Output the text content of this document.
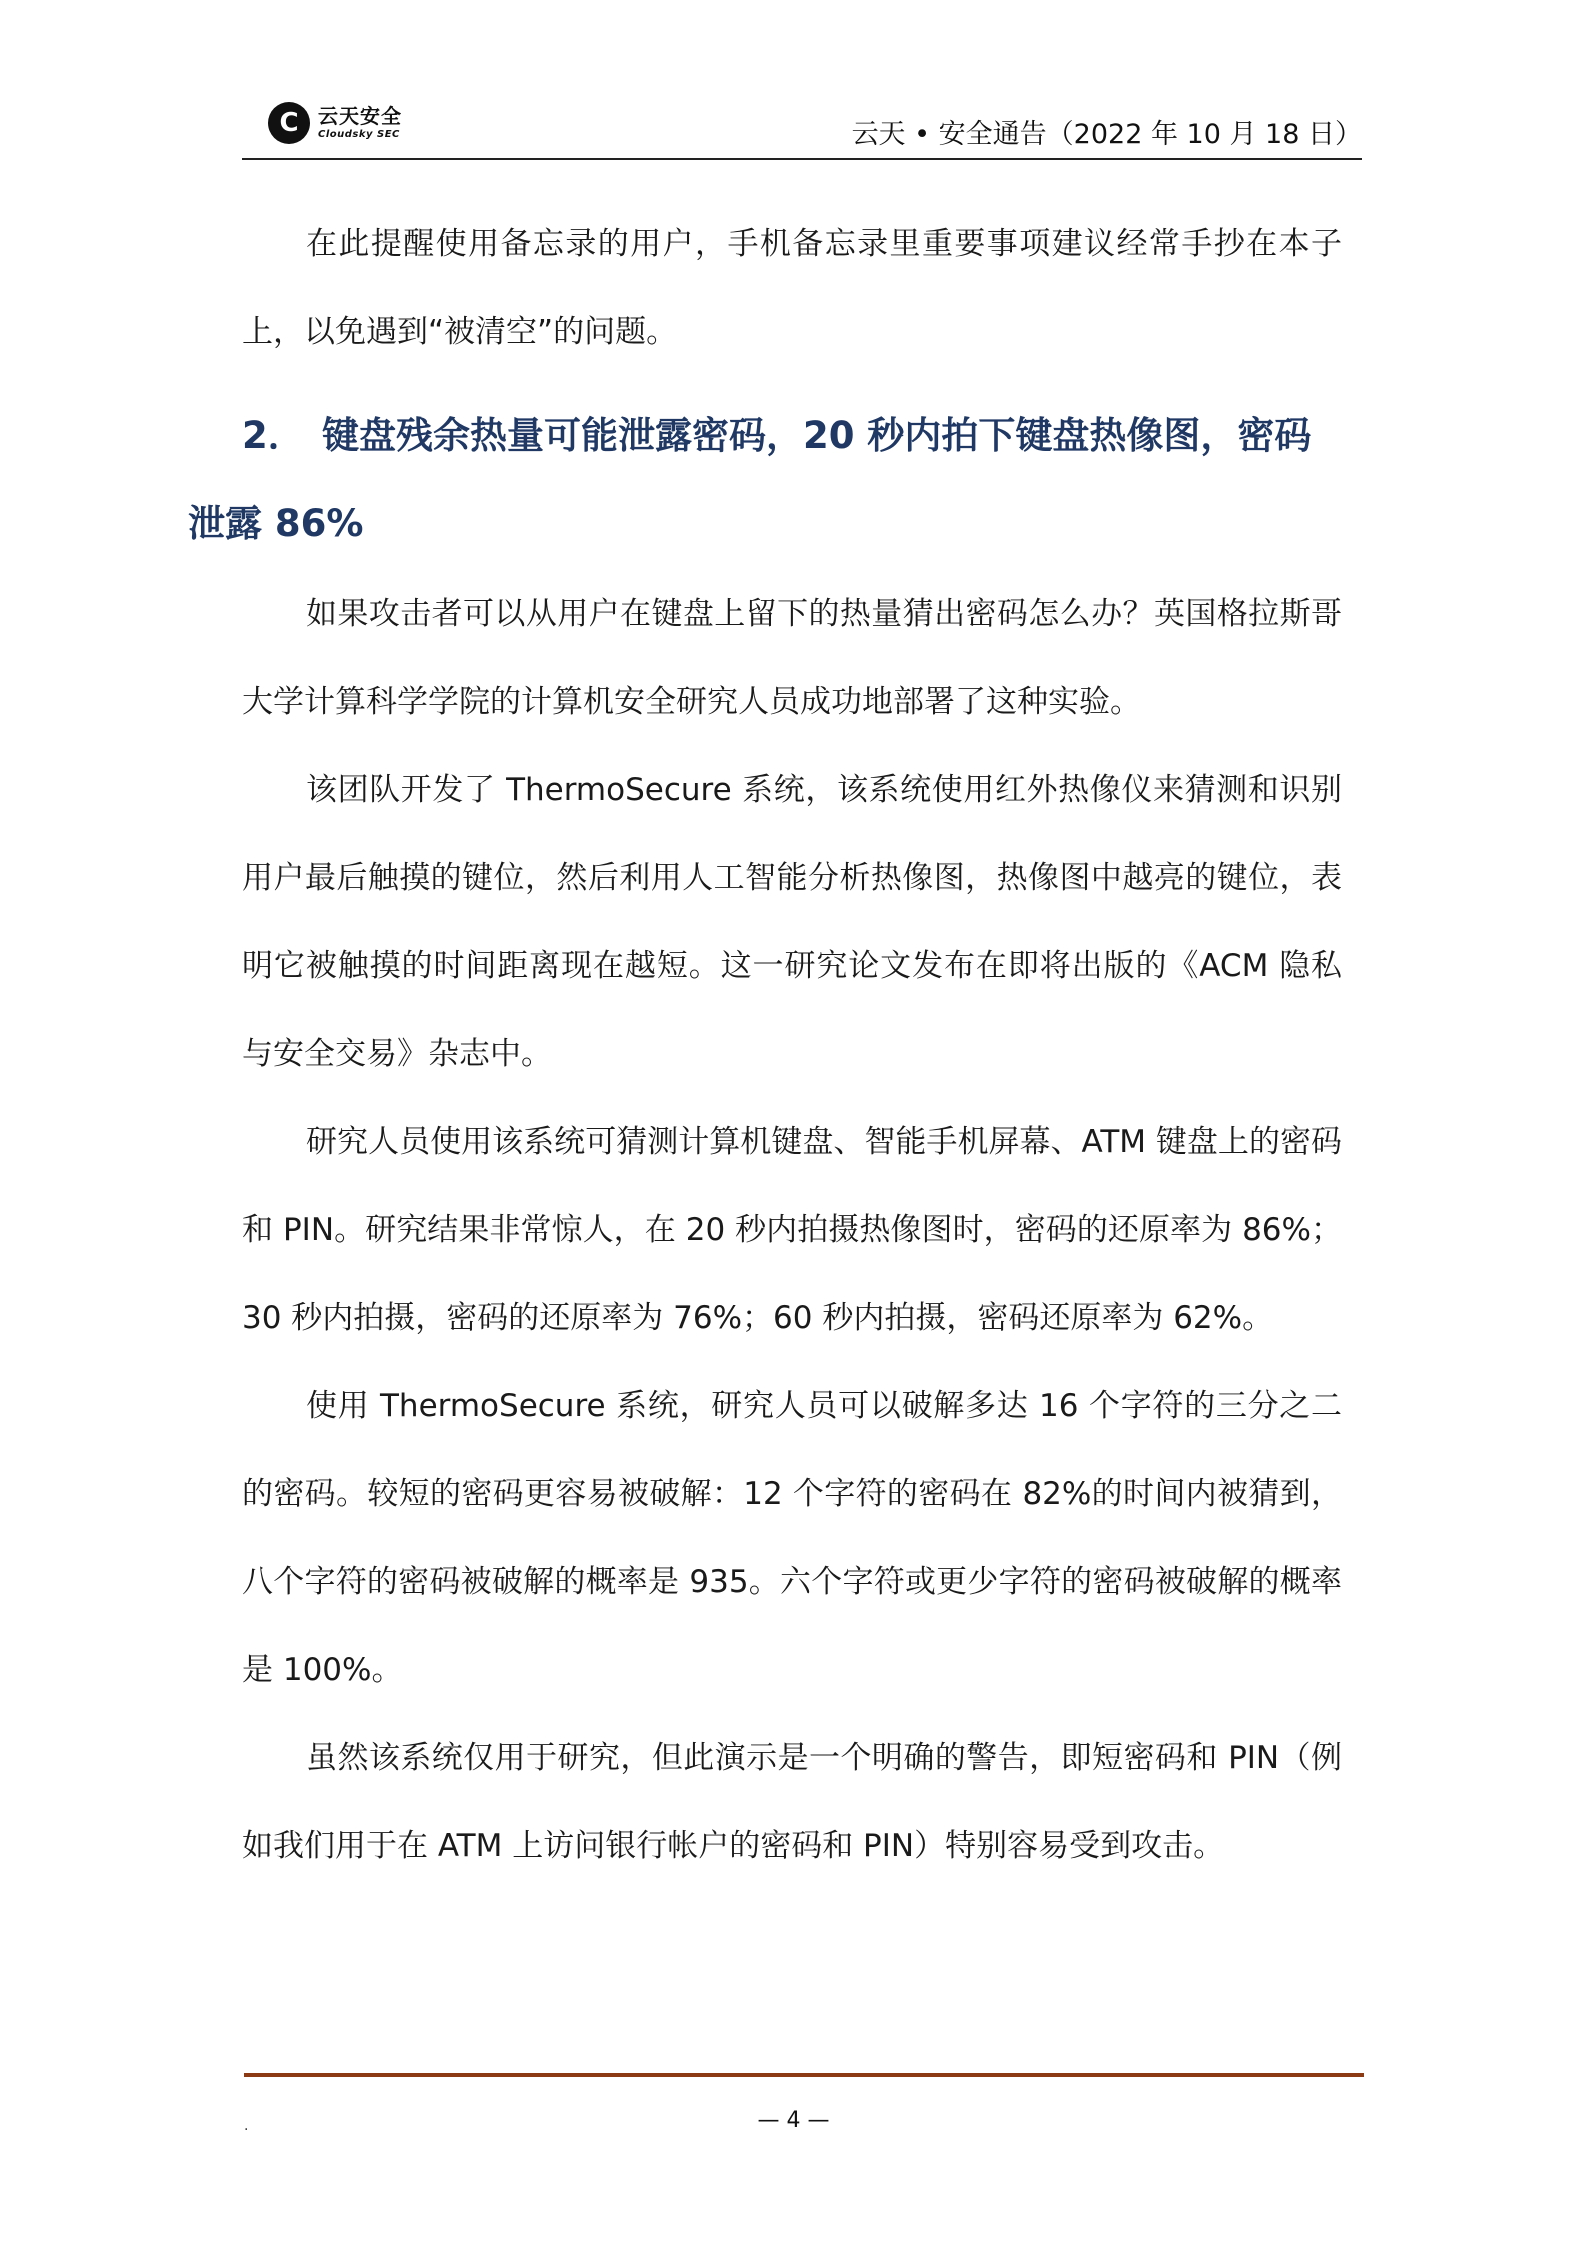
C 云天安全
Cloudsky SEC	云天 • 安全通告（2022 年 10 月 18 日）

在此提醒使用备忘录的用户，手机备忘录里重要事项建议经常手抄在本子上，以免遇到“被清空”的问题。

2． 键盘残余热量可能泄露密码，20 秒内拍下键盘热像图，密码泄露 86%

如果攻击者可以从用户在键盘上留下的热量猜出密码怎么办？英国格拉斯哥大学计算科学学院的计算机安全研究人员成功地部署了这种实验。

该团队开发了 ThermoSecure 系统，该系统使用红外热像仪来猜测和识别用户最后触摸的键位，然后利用人工智能分析热像图，热像图中越亮的键位，表明它被触摸的时间距离现在越短。这一研究论文发布在即将出版的《ACM 隐私与安全交易》杂志中。

研究人员使用该系统可猜测计算机键盘、智能手机屏幕、ATM 键盘上的密码和 PIN。研究结果非常惊人，在 20 秒内拍摄热像图时，密码的还原率为 86%；30 秒内拍摄，密码的还原率为 76%；60 秒内拍摄，密码还原率为 62%。

使用 ThermoSecure 系统，研究人员可以破解多达 16 个字符的三分之二的密码。较短的密码更容易被破解：12 个字符的密码在 82%的时间内被猜到，八个字符的密码被破解的概率是 935。六个字符或更少字符的密码被破解的概率是 100%。

虽然该系统仅用于研究，但此演示是一个明确的警告，即短密码和 PIN（例如我们用于在 ATM 上访问银行帐户的密码和 PIN）特别容易受到攻击。

.	— 4 —
